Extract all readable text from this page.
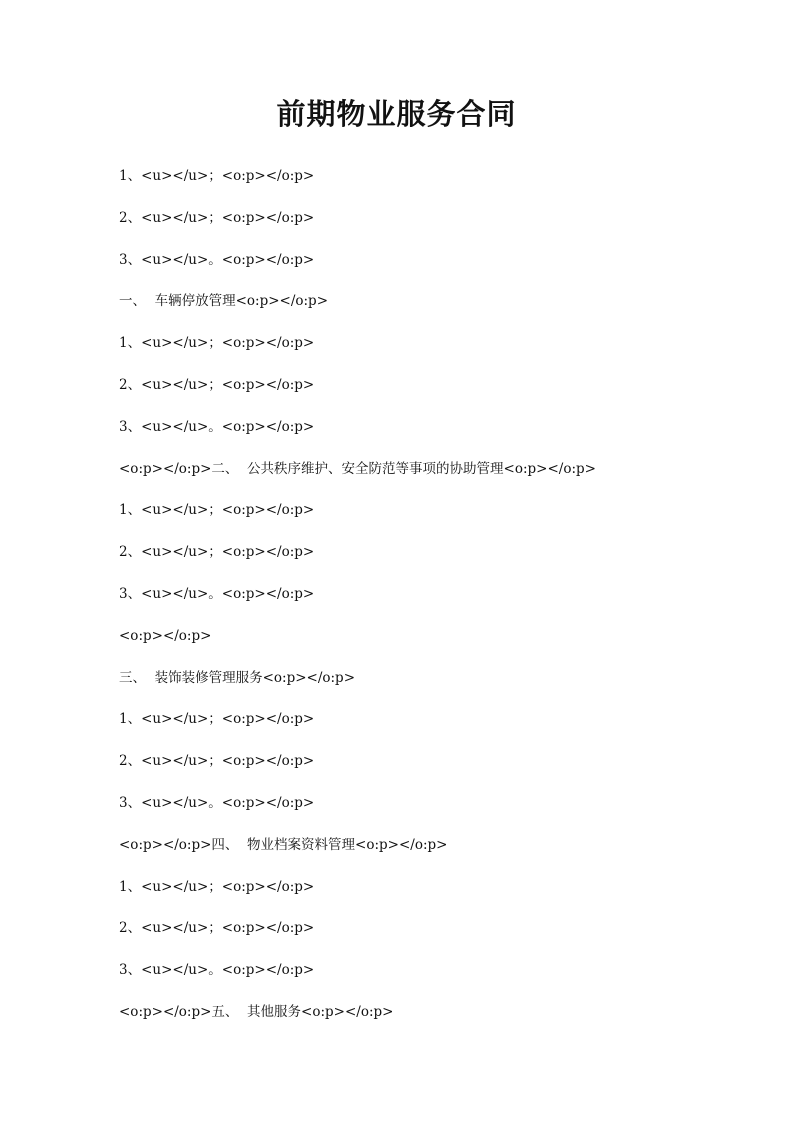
前期物业服务合同
1、<u></u>；<o:p></o:p>
2、<u></u>；<o:p></o:p>
3、<u></u>。<o:p></o:p>
一、  车辆停放管理<o:p></o:p>
1、<u></u>；<o:p></o:p>
2、<u></u>；<o:p></o:p>
3、<u></u>。<o:p></o:p>
<o:p></o:p>二、  公共秩序维护、安全防范等事项的协助管理<o:p></o:p>
1、<u></u>；<o:p></o:p>
2、<u></u>；<o:p></o:p>
3、<u></u>。<o:p></o:p>
<o:p></o:p>
三、  装饰装修管理服务<o:p></o:p>
1、<u></u>；<o:p></o:p>
2、<u></u>；<o:p></o:p>
3、<u></u>。<o:p></o:p>
<o:p></o:p>四、  物业档案资料管理<o:p></o:p>
1、<u></u>；<o:p></o:p>
2、<u></u>；<o:p></o:p>
3、<u></u>。<o:p></o:p>
<o:p></o:p>五、  其他服务<o:p></o:p>
